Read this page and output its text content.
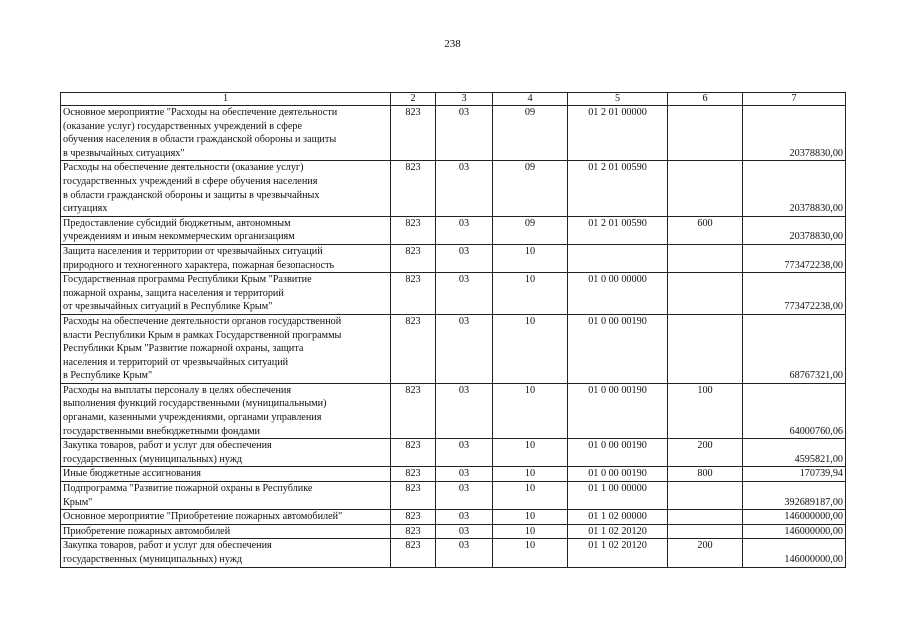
238
1	2	3	4	5	6	7
Основное мероприятие "Расходы на обеспечение деятельности
(оказание услуг) государственных учреждений в сфере
обучения населения в области гражданской обороны и защиты
в чрезвычайных ситуациях"	823	03	09	01 2 01 00000		20378830,00
Расходы на обеспечение деятельности (оказание услуг)
государственных учреждений в сфере обучения населения
в области гражданской обороны и защиты в чрезвычайных
ситуациях	823	03	09	01 2 01 00590		20378830,00
Предоставление субсидий бюджетным, автономным
учреждениям и иным некоммерческим организациям	823	03	09	01 2 01 00590	600	20378830,00
Защита населения и территории от чрезвычайных ситуаций
природного и техногенного характера, пожарная безопасность	823	03	10			773472238,00
Государственная программа Республики Крым "Развитие
пожарной охраны, защита населения и территорий
от чрезвычайных ситуаций в Республике Крым"	823	03	10	01 0 00 00000		773472238,00
Расходы на обеспечение деятельности органов государственной
власти Республики Крым в рамках Государственной программы
Республики Крым "Развитие пожарной охраны, защита
населения и территорий от чрезвычайных ситуаций
в Республике Крым"	823	03	10	01 0 00 00190		68767321,00
Расходы на выплаты персоналу в целях обеспечения
выполнения функций государственными (муниципальными)
органами, казенными учреждениями, органами управления
государственными внебюджетными фондами	823	03	10	01 0 00 00190	100	64000760,06
Закупка товаров, работ и услуг для обеспечения
государственных (муниципальных) нужд	823	03	10	01 0 00 00190	200	4595821,00
Иные бюджетные ассигнования	823	03	10	01 0 00 00190	800	170739,94
Подпрограмма "Развитие пожарной охраны в Республике
Крым"	823	03	10	01 1 00 00000		392689187,00
Основное мероприятие "Приобретение пожарных автомобилей"	823	03	10	01 1 02 00000		146000000,00
Приобретение пожарных автомобилей	823	03	10	01 1 02 20120		146000000,00
Закупка товаров, работ и услуг для обеспечения
государственных (муниципальных) нужд	823	03	10	01 1 02 20120	200	146000000,00
